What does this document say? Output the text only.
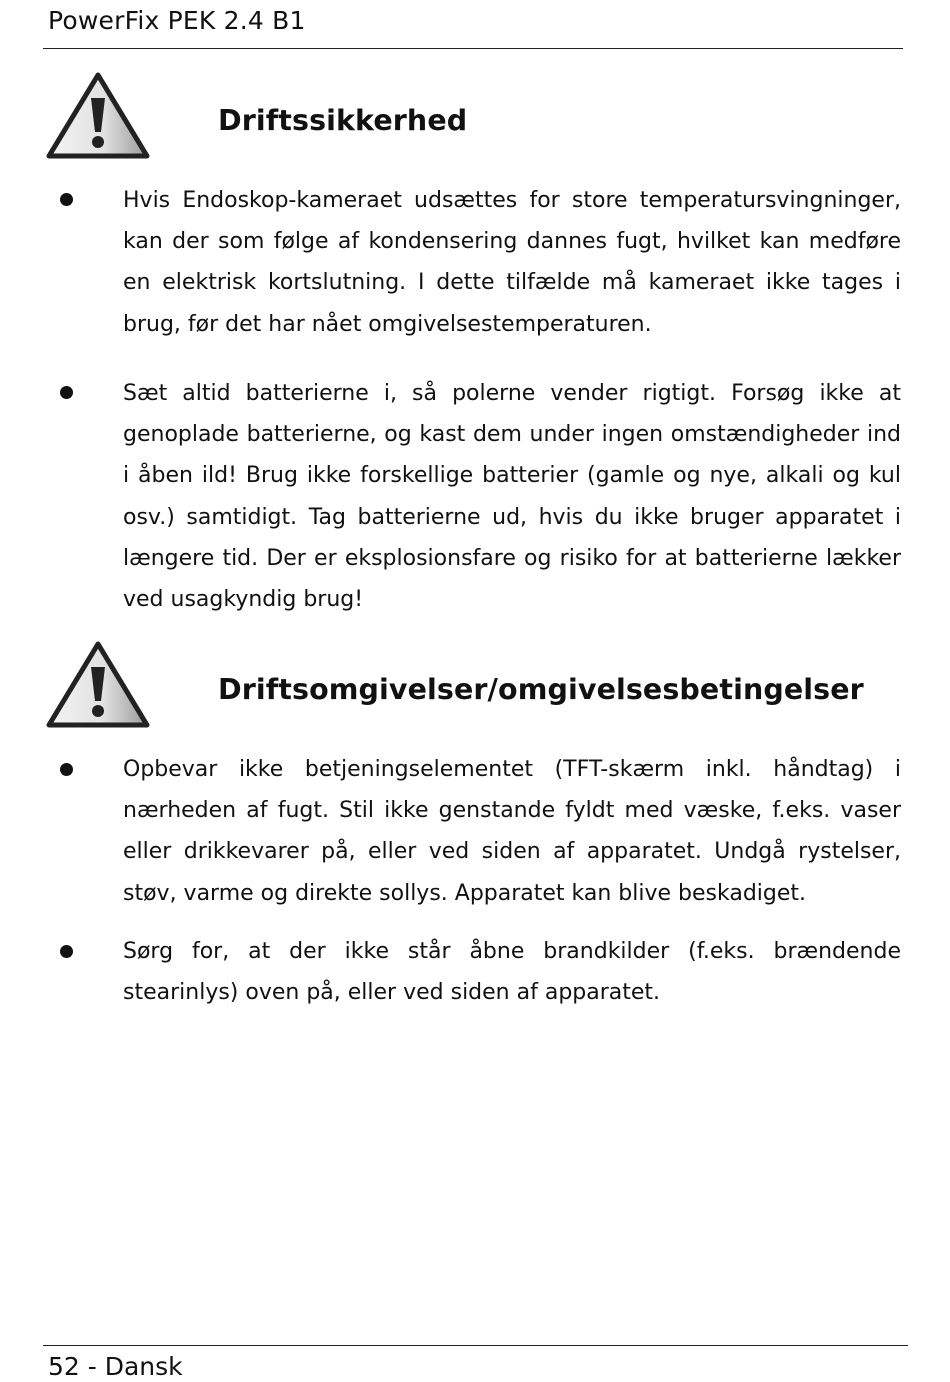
PowerFix PEK 2.4 B1
Driftssikkerhed

Hvis Endoskop-kameraet udsættes for store temperatursvingninger, kan der som følge af kondensering dannes fugt, hvilket kan medføre en elektrisk kortslutning. I dette tilfælde må kameraet ikke tages i brug, før det har nået omgivelsestemperaturen.

Sæt altid batterierne i, så polerne vender rigtigt. Forsøg ikke at genoplade batterierne, og kast dem under ingen omstændigheder ind i åben ild! Brug ikke forskellige batterier (gamle og nye, alkali og kul osv.) samtidigt. Tag batterierne ud, hvis du ikke bruger apparatet i længere tid. Der er eksplosionsfare og risiko for at batterierne lækker ved usagkyndig brug!

Driftsomgivelser/omgivelsesbetingelser

Opbevar ikke betjeningselementet (TFT-skærm inkl. håndtag) i nærheden af fugt. Stil ikke genstande fyldt med væske, f.eks. vaser eller drikkevarer på, eller ved siden af apparatet. Undgå rystelser, støv, varme og direkte sollys. Apparatet kan blive beskadiget.

Sørg for, at der ikke står åbne brandkilder (f.eks. brændende stearinlys) oven på, eller ved siden af apparatet.

52 - Dansk
